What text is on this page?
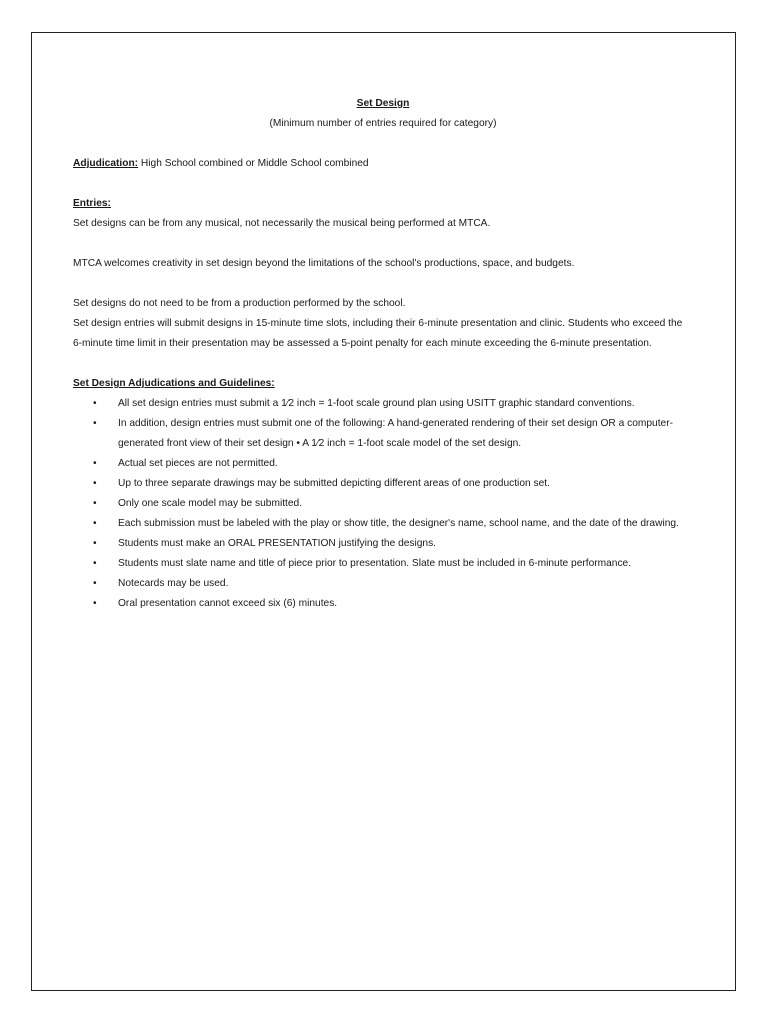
Set Design

(Minimum number of entries required for category)

Adjudication: High School combined or Middle School combined

Entries:

Set designs can be from any musical, not necessarily the musical being performed at MTCA.

MTCA welcomes creativity in set design beyond the limitations of the school's productions, space, and budgets.

Set designs do not need to be from a production performed by the school.

Set design entries will submit designs in 15-minute time slots, including their 6-minute presentation and clinic. Students who exceed the 6-minute time limit in their presentation may be assessed a 5-point penalty for each minute exceeding the 6-minute presentation.

Set Design Adjudications and Guidelines:

• All set design entries must submit a 1⁄2 inch = 1-foot scale ground plan using USITT graphic standard conventions.
• In addition, design entries must submit one of the following: A hand-generated rendering of their set design OR a computer-generated front view of their set design • A 1⁄2 inch = 1-foot scale model of the set design.
• Actual set pieces are not permitted.
• Up to three separate drawings may be submitted depicting different areas of one production set.
• Only one scale model may be submitted.
• Each submission must be labeled with the play or show title, the designer's name, school name, and the date of the drawing.
• Students must make an ORAL PRESENTATION justifying the designs.
• Students must slate name and title of piece prior to presentation. Slate must be included in 6-minute performance.
• Notecards may be used.
• Oral presentation cannot exceed six (6) minutes.
